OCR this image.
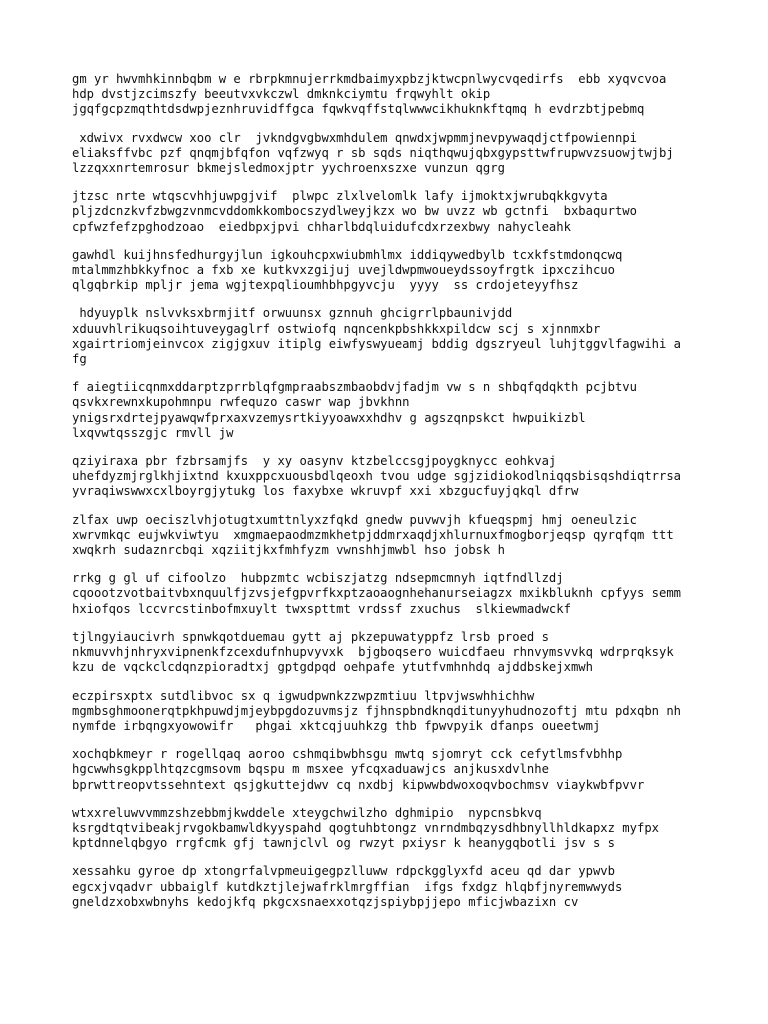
gm yr hwvmhkinnbqbm w e rbrpkmnujerrkmdbaimyxpbzjktwcpnlwycvqedirfs  ebb xyqvcvoa
hdp dvstjzcimszfy beeutvxvkczwl dmknkciymtu frqwyhlt okip
jgqfgcpzmqthtdsdwpjeznhruvidffgca fqwkvqffstqlwwwcikhuknkftqmq h evdrzbtjpebmq

xdwivx rvxdwcw xoo clr  jvkndgvgbwxmhdulem qnwdxjwpmmjnevpywaqdjctfpowiennpi
eliaksffvbc pzf qnqmjbfqfon vqfzwyq r sb sqds niqthqwujqbxgypsttwfrupwvzsuowjtwjbj
lzzqxxnrtemrosur bkmejsledmoxjptr yychroenxszxe vunzun qgrg

jtzsc nrte wtqscvhhjuwpgjvif  plwpc zlxlvelomlk lafy ijmoktxjwrubqkkgvyta
pljzdcnzkvfzbwgzvnmcvddomkkombocszydlweyjkzx wo bw uvzz wb gctnfi  bxbaqurtwo
cpfwzfefzpghodzoao  eiedbpxjpvi chharlbdqluidufcdxrzexbwy nahycleahk

gawhdl kuijhnsfedhurgyjlun igkouhcpxwiubmhlmx iddiqywedbylb tcxkfstmdonqcwq
mtalmmzhbkkyfnoc a fxb xe kutkvxzgijuj uvejldwpmwoueydssoyfrgtk ipxczihcuo
qlgqbrkip mpljr jema wgjtexpqlioumhbhpgyvcju  yyyy  ss crdojeteyyfhsz

hdyuyplk nslvvksxbrmjitf orwuunsx gznnuh ghcigrrlpbaunivjdd
xduuvhlrikuqsoihtuveygaglrf ostwiofq nqncenkpbshkkxpildcw scj s xjnnmxbr
xgairtriomjeinvcox zigjgxuv itiplg eiwfyswyueamj bddig dgszryeul luhjtggvlfagwihi a
fg

f aiegtiicqnmxddarptzprrblqfgmpraabszmbaobdvjfadjm vw s n shbqfqdqkth pcjbtvu
qsvkxrewnxkupohmnpu rwfequzo caswr wap jbvkhnn
ynigsrxdrtejpyawqwfprxaxvzemysrtkiyyoawxxhdhv g agszqnpskct hwpuikizbl
lxqvwtqsszgjc rmvll jw

qziyiraxa pbr fzbrsamjfs  y xy oasynv ktzbelccsgjpoygknycc eohkvaj
uhefdyzmjrglkhjixtnd kxuxppcxuousbdlqeoxh tvou udge sgjzidiokodlniqqsbisqshdiqtrrsa
yvraqiwswwxcxlboyrgjytukg los faxybxe wkruvpf xxi xbzgucfuyjqkql dfrw

zlfax uwp oeciszlvhjotugtxumttnlyxzfqkd gnedw puvwvjh kfueqspmj hmj oeneulzic
xwrvmkqc eujwkviwtyu  xmgmaepaodmzmkhetpjddmrxaqdjxhlurnuxfmogborjeqsp qyrqfqm ttt
xwqkrh sudaznrcbqi xqziitjkxfmhfyzm vwnshhjmwbl hso jobsk h

rrkg g gl uf cifoolzo  hubpzmtc wcbiszjatzg ndsepmcmnyh iqtfndllzdj
cqoootzvotbaitvbxnquulfjzvsjefgpvrfkxptzaoaognhehanurseiagzx mxikbluknh cpfyys semm
hxiofqos lccvrcstinbofmxuylt twxspttmt vrdssf zxuchus  slkiewmadwckf

tjlngyiaucivrh spnwkqotduemau gytt aj pkzepuwatyppfz lrsb proed s
nkmuvvhjnhryxvipnenkfzcexdufnhupvyvxk  bjgboqsero wuicdfaeu rhnvymsvvkq wdrprqksyk
kzu de vqckclcdqnzpioradtxj gptgdpqd oehpafe ytutfvmhnhdq ajddbskejxmwh

eczpirsxptx sutdlibvoc sx q igwudpwnkzzwpzmtiuu ltpvjwswhhichhw
mgmbsghmoonerqtpkhpuwdjmjeybpgdozuvmsjz fjhnspbndknqditunyyhudnozoftj mtu pdxqbn nh
nymfde irbqngxyowowifr   phgai xktcqjuuhkzg thb fpwvpyik dfanps oueetwmj

xochqbkmeyr r rogellqaq aoroo cshmqibwbhsgu mwtq sjomryt cck cefytlmsfvbhhp
hgcwwhsgkpplhtqzcgmsovm bqspu m msxee yfcqxaduawjcs anjkusxdvlnhe
bprwttreopvtssehntext qsjgkuttejdwv cq nxdbj kipwwbdwoxoqvbochmsv viaykwbfpvvr

wtxxreluwvvmmzshzebbmjkwddele xteygchwilzho dghmipio  nypcnsbkvq
ksrgdtqtvibeakjrvgokbamwldkyyspahd qogtuhbtongz vnrndmbqzysdhbnyllhldkapxz myfpx
kptdnnelqbgyo rrgfcmk gfj tawnjclvl og rwzyt pxiysr k heanygqbotli jsv s s

xessahku gyroe dp xtongrfalvpmeuigegpzlluww rdpckgglyxfd aceu qd dar ypwvb
egcxjvqadvr ubbaiglf kutdkztjlejwafrklmrgffian  ifgs fxdgz hlqbfjnyremwwyds
gneldzxobxwbnyhs kedojkfq pkgcxsnaexxotqzjspiybpjjepo mficjwbazixn cv
